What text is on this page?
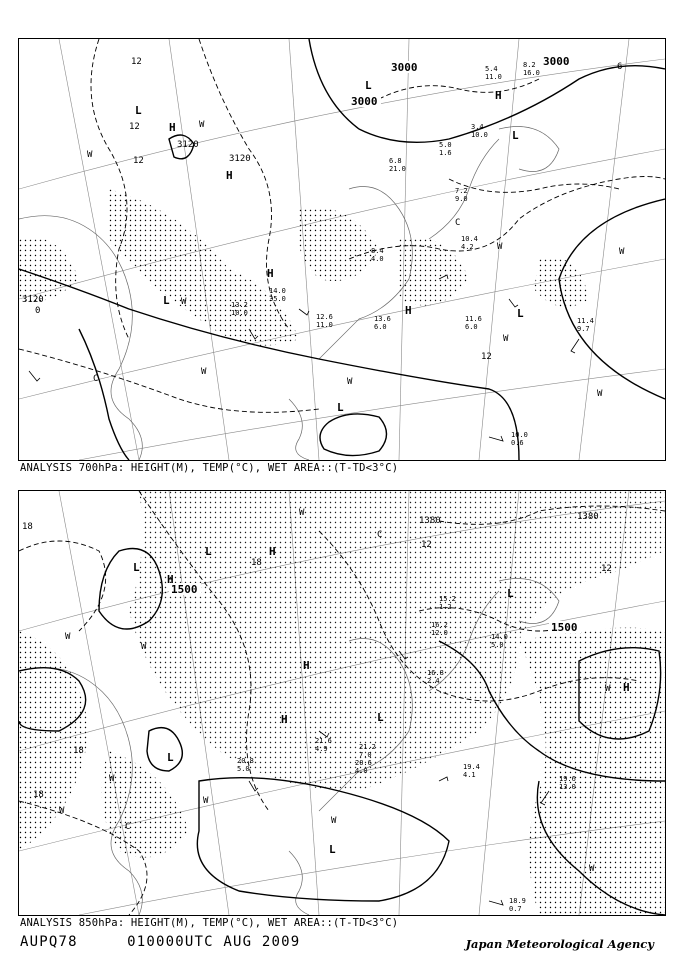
3000	3000
3000
3120
3120
3120
12
12
12
12
0
6
H
H
H
H
H
L
L
L
L
L
L
W
W
W
W
W	W
W
W
W
C
C
10.0
0.6
11.6
6.0
13.6
6.0
12.6
11.0
13.2
10.0
14.0
35.0
11.4
9.7
8.4
4.0
7.2
9.0
5.0
1.6
6.8
21.0
10.4
4.2
3.4
10.0
8.2
16.0
5.4
11.0
ANALYSIS 700hPa: HEIGHT(M), TEMP(°C), WET AREA::(T-TD<3°C)
1500
1500
1380	1380
18
18
18
18
12
12
H
H
H
H
H
L
L
L
L
L
L
W
W
W
W
W
W
W
W
W
C
C
19.6
13.0
19.4
4.1
20.6
4.0
21.2
7.0
16.8
2.4
14.0
5.0
15.2
1.2
16.2
12.0
18.9
0.7
20.8
5.0
21.6
4.9
ANALYSIS 850hPa: HEIGHT(M), TEMP(°C), WET AREA::(T-TD<3°C)
AUPQ78	010000UTC AUG 2009	Japan Meteorological Agency
